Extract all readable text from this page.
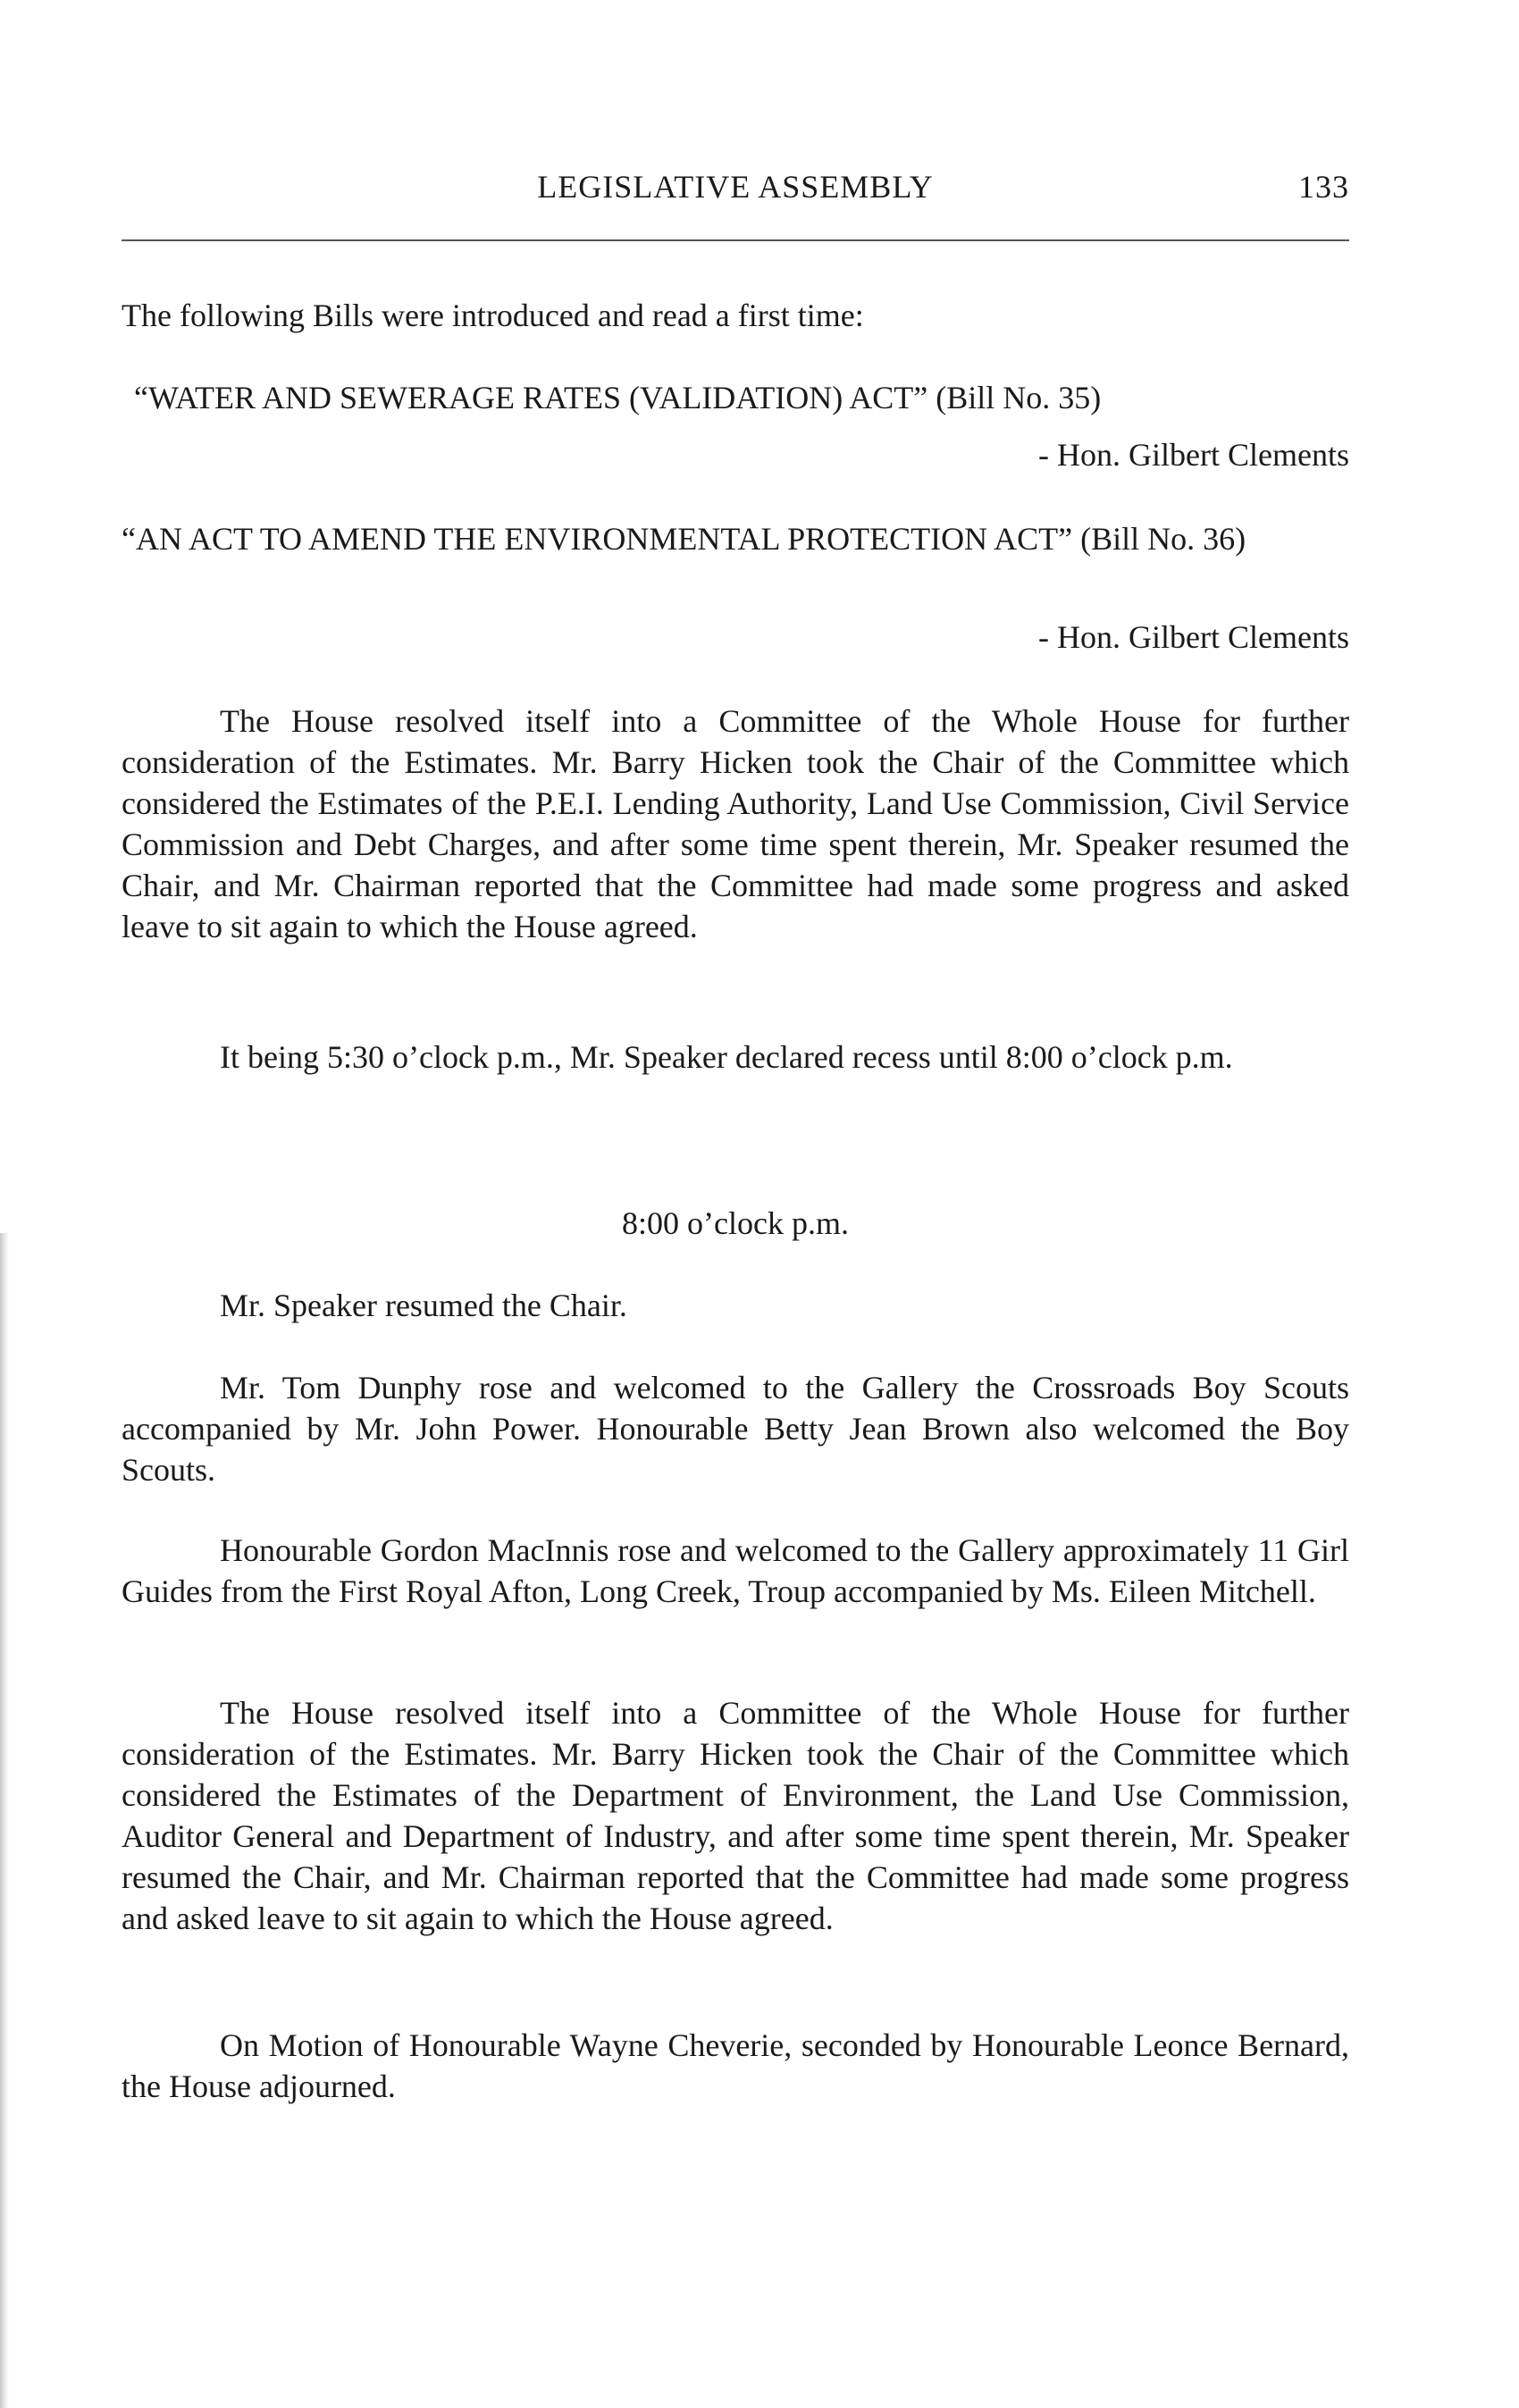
LEGISLATIVE ASSEMBLY	133

The following Bills were introduced and read a first time:

“WATER AND SEWERAGE RATES (VALIDATION) ACT” (Bill No. 35)

- Hon. Gilbert Clements

“AN ACT TO AMEND THE ENVIRONMENTAL PROTECTION ACT” (Bill No. 36)

- Hon. Gilbert Clements

The House resolved itself into a Committee of the Whole House for further consideration of the Estimates. Mr. Barry Hicken took the Chair of the Committee which considered the Estimates of the P.E.I. Lending Authority, Land Use Commission, Civil Service Commission and Debt Charges, and after some time spent therein, Mr. Speaker resumed the Chair, and Mr. Chairman reported that the Committee had made some progress and asked leave to sit again to which the House agreed.

It being 5:30 o’clock p.m., Mr. Speaker declared recess until 8:00 o’clock p.m.

8:00 o’clock p.m.

Mr. Speaker resumed the Chair.

Mr. Tom Dunphy rose and welcomed to the Gallery the Crossroads Boy Scouts accompanied by Mr. John Power. Honourable Betty Jean Brown also welcomed the Boy Scouts.

Honourable Gordon MacInnis rose and welcomed to the Gallery approximately 11 Girl Guides from the First Royal Afton, Long Creek, Troup accompanied by Ms. Eileen Mitchell.

The House resolved itself into a Committee of the Whole House for further consideration of the Estimates. Mr. Barry Hicken took the Chair of the Committee which considered the Estimates of the Department of Environment, the Land Use Commission, Auditor General and Department of Industry, and after some time spent therein, Mr. Speaker resumed the Chair, and Mr. Chairman reported that the Committee had made some progress and asked leave to sit again to which the House agreed.

On Motion of Honourable Wayne Cheverie, seconded by Honourable Leonce Bernard, the House adjourned.
